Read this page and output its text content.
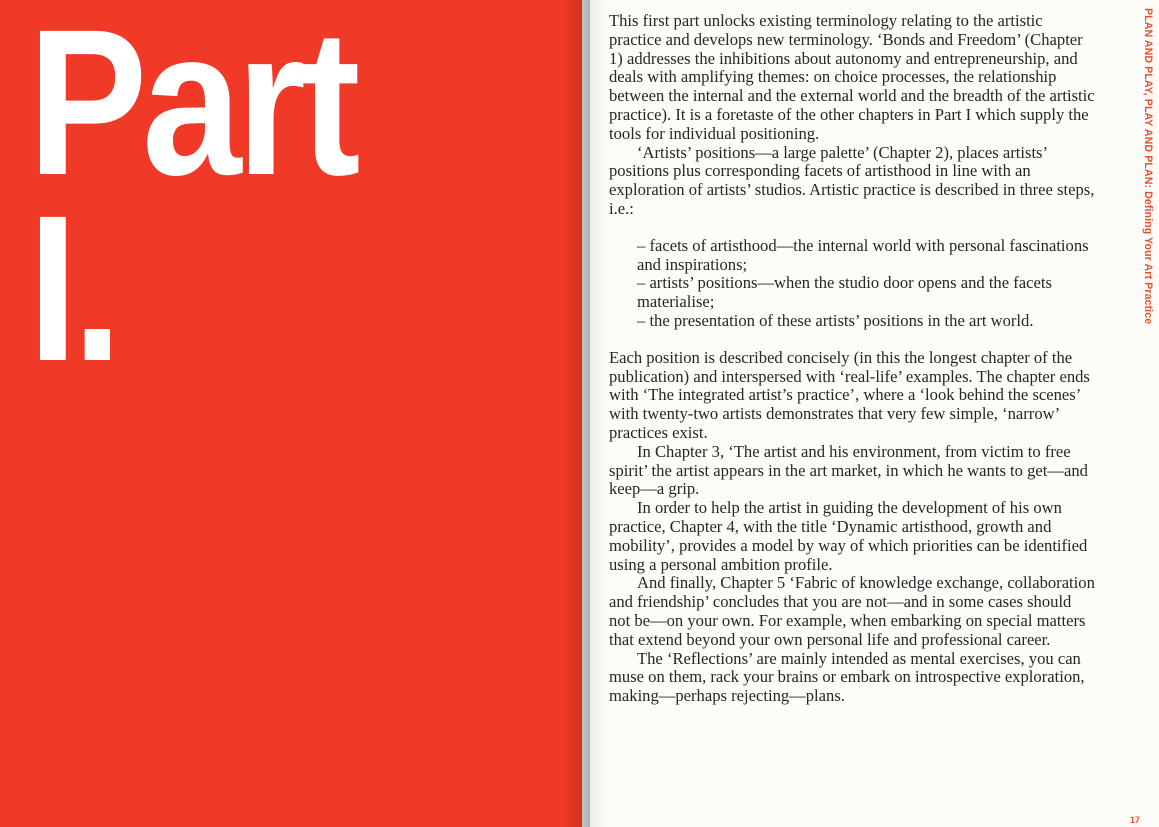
Part
I.

This first part unlocks existing terminology relating to the artistic practice and develops new terminology. ‘Bonds and Freedom’ (Chapter 1) addresses the inhibitions about autonomy and entrepreneurship, and deals with amplifying themes: on choice processes, the relationship between the internal and the external world and the breadth of the artistic practice). It is a foretaste of the other chapters in Part I which supply the tools for individual positioning.

‘Artists’ positions—a large palette’ (Chapter 2), places artists’ positions plus corresponding facets of artisthood in line with an exploration of artists’ studios. Artistic practice is described in three steps, i.e.:

– facets of artisthood—the internal world with personal fascinations and inspirations;
– artists’ positions—when the studio door opens and the facets materialise;
– the presentation of these artists’ positions in the art world.

Each position is described concisely (in this the longest chapter of the publication) and interspersed with ‘real-life’ examples. The chapter ends with ‘The integrated artist’s practice’, where a ‘look behind the scenes’ with twenty-two artists demonstrates that very few simple, ‘narrow’ practices exist.

In Chapter 3, ‘The artist and his environment, from victim to free spirit’ the artist appears in the art market, in which he wants to get—and keep—a grip.

In order to help the artist in guiding the development of his own practice, Chapter 4, with the title ‘Dynamic artisthood, growth and mobility’, provides a model by way of which priorities can be identified using a personal ambition profile.

And finally, Chapter 5 ‘Fabric of knowledge exchange, collaboration and friendship’ concludes that you are not—and in some cases should not be—on your own. For example, when embarking on special matters that extend beyond your own personal life and professional career.

The ‘Reflections’ are mainly intended as mental exercises, you can muse on them, rack your brains or embark on introspective exploration, making—perhaps rejecting—plans.

PLAN AND PLAY, PLAY AND PLAN: Defining Your Art Practice
17
